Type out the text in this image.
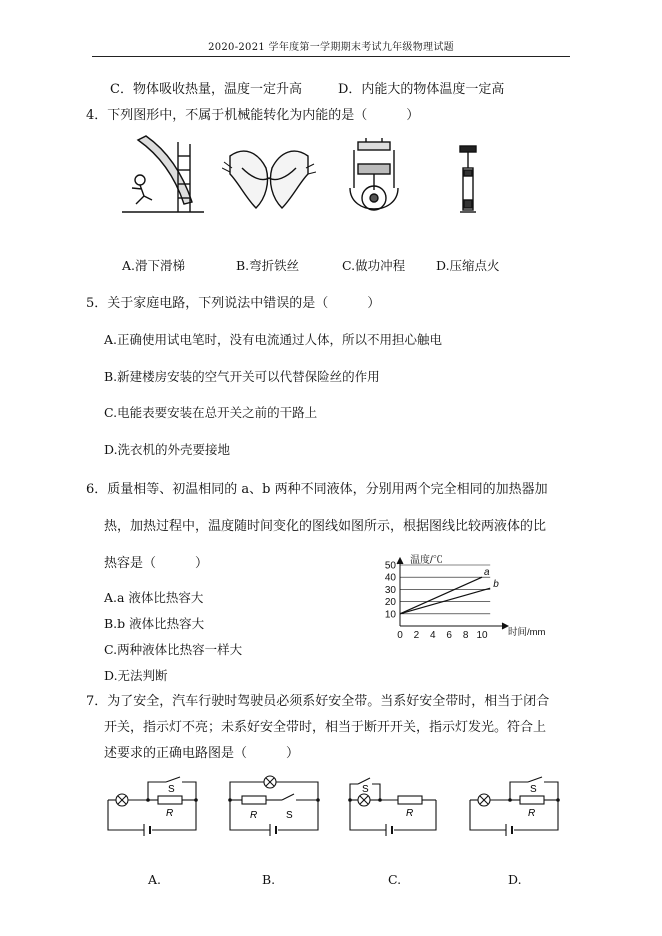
2020-2021 学年度第一学期期末考试九年级物理试题
C．物体吸收热量，温度一定升高	D．内能大的物体温度一定高
4．下列图形中，不属于机械能转化为内能的是（　　　）
A.滑下滑梯	B.弯折铁丝	C.做功冲程 D.压缩点火
5．关于家庭电路，下列说法中错误的是（　　　）
A.正确使用试电笔时，没有电流通过人体，所以不用担心触电
B.新建楼房安装的空气开关可以代替保险丝的作用
C.电能表要安装在总开关之前的干路上
D.洗衣机的外壳要接地
6．质量相等、初温相同的 a、b 两种不同液体，分别用两个完全相同的加热器加
热，加热过程中，温度随时间变化的图线如图所示，根据图线比较两液体的比
热容是（　　　）
A.a 液体比热容大
B.b 液体比热容大
C.两种液体比热容一样大
D.无法判断
10
20
30
40
50
0 2 4 6 8 10
温度/℃
时间/mm
a
b
7．为了安全，汽车行驶时驾驶员必须系好安全带。当系好安全带时，相当于闭合
开关，指示灯不亮；未系好安全带时，相当于断开开关，指示灯发光。符合上
述要求的正确电路图是（　　　）
S
R	R	S
S
R
S
R
A.	B.	C.	D.
